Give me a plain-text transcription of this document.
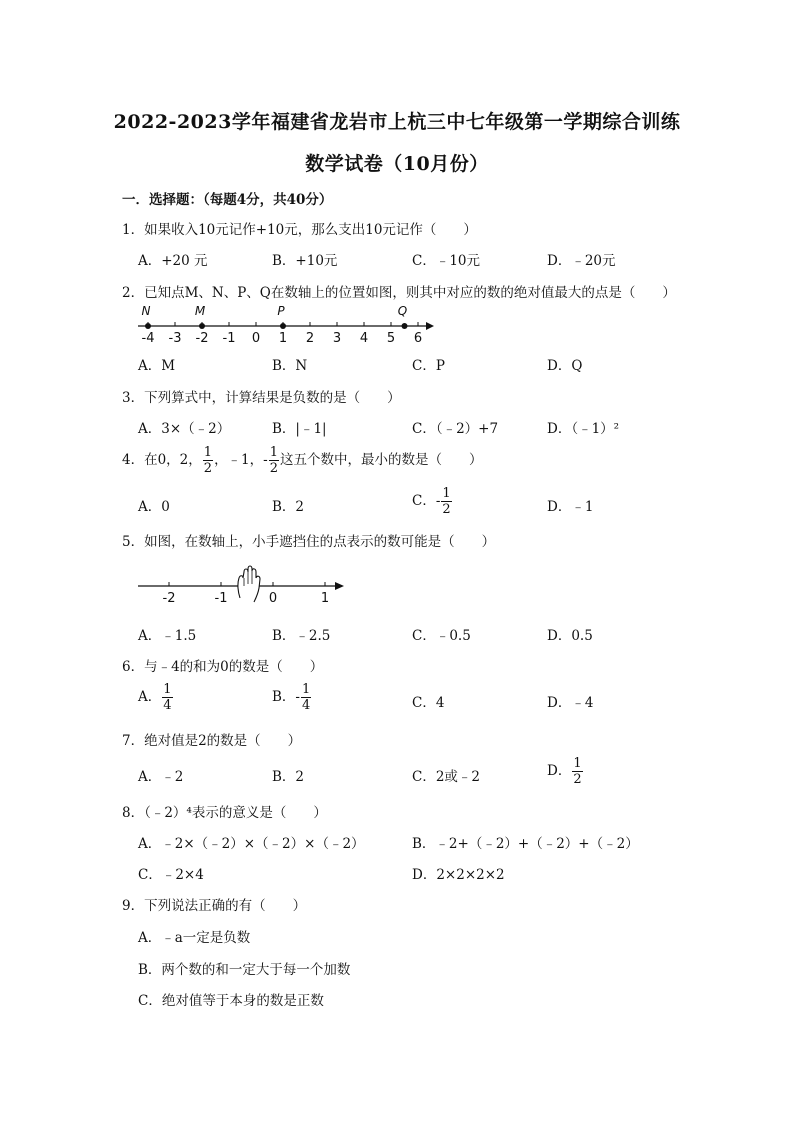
2022-2023学年福建省龙岩市上杭三中七年级第一学期综合训练
数学试卷（10月份）
一．选择题：（每题4分，共40分）
1．如果收入10元记作+10元，那么支出10元记作（　　）
A．+20 元	B．+10元	C．﹣10元	D．﹣20元
2．已知点M、N、P、Q在数轴上的位置如图，则其中对应的数的绝对值最大的点是（　　）
-4 -3 -2 -1 0 1 2 3 4 5 6
N	M	P	Q
A．M	B．N	C．P	D．Q
3．下列算式中，计算结果是负数的是（　　）
A．3×（﹣2）	B．|﹣1|	C．（﹣2）+7	D．（﹣1）²
4．在0，2， $\frac{1}{2}$ ，﹣1，- $\frac{1}{2}$ 这五个数中，最小的数是（　　）
A．0	B．2	C．- $\frac{1}{2}$	D．﹣1
5．如图，在数轴上，小手遮挡住的点表示的数可能是（　　）
-2	-1	0	1
A．﹣1.5	B．﹣2.5	C．﹣0.5	D．0.5
6．与﹣4的和为0的数是（　　）
A． $\frac{1}{4}$	B．- $\frac{1}{4}$	C．4	D．﹣4
7．绝对值是2的数是（　　）
A．﹣2	B．2	C．2或﹣2	D． $\frac{1}{2}$
8．（﹣2）⁴表示的意义是（　　）
A．﹣2×（﹣2）×（﹣2）×（﹣2）	B．﹣2+（﹣2）+（﹣2）+（﹣2）
C．﹣2×4	D．2×2×2×2
9．下列说法正确的有（　　）
A．﹣a一定是负数
B．两个数的和一定大于每一个加数
C．绝对值等于本身的数是正数
